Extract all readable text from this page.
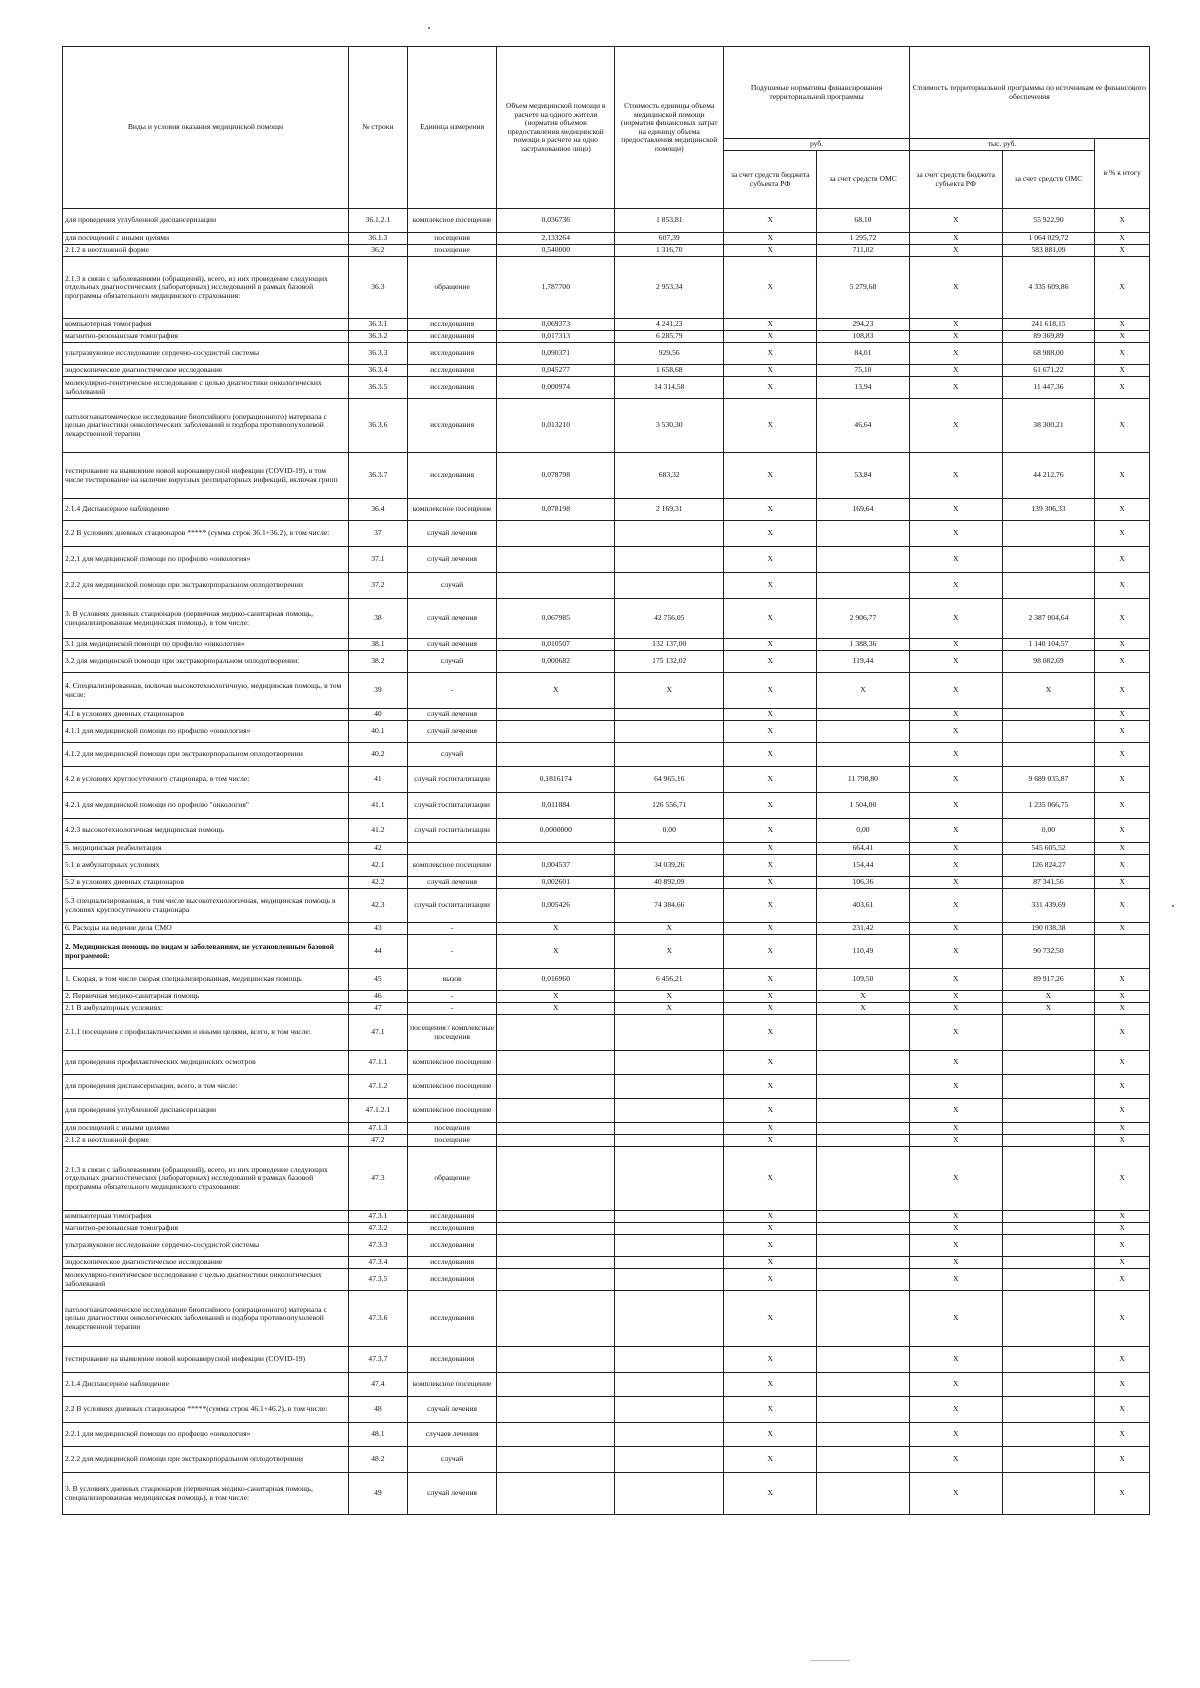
Виды и условия оказания медицинской помощи	№ строки	Единица измерения	Объем медицинской помощи в расчете на одного жителя (норматив объемов предоставления медицинской помощи в расчете на одно застрахованное лицо)	Стоимость единицы объема медицинской помощи (норматив финансовых затрат на единицу объема предоставления медицинской помощи)	Подушевые нормативы финансирования территориальной программы		Стоимость территориальной программы по источникам ее финансового обеспечения		
					руб.		тыс. руб.		в % к итогу
					за счет средств бюджета субъекта РФ	за счет средств ОМС	за счет средств бюджета субъекта РФ	за счет средств ОМС	
для проведения углубленной диспансеризации	36.1.2.1	комплексное посещение	0,036736	1 853,81	X	68,10	X	55 922,90	X
для посещений с иными целями	36.1.3	посещения	2,133264	607,39	X	1 295,72	X	1 064 029,72	X
2.1.2 в неотложной форме	36.2	посещение	0,540000	1 316,70	X	711,02	X	583 881,09	X
2.1.3 в связи с заболеваниями (обращений), всего, из них проведение следующих отдельных диагностических (лабораторных) исследований в рамках базовой программы обязательного медицинского страхования:	36.3	обращение	1,787700	2 953,34	X	5 279,68	X	4 335 609,86	X
компьютерная томография	36.3.1	исследования	0,069373	4 241,23	X	294,23	X	241 618,15	X
магнитно-резонансная томография	36.3.2	исследования	0,017313	6 285,79	X	108,83	X	89 369,89	X
ультразвуковое исследование сердечно-сосудистой системы	36.3.3	исследования	0,090371	929,56	X	84,01	X	68 988,00	X
эндоскопическое диагностическое исследование	36.3.4	исследования	0,045277	1 658,68	X	75,10	X	61 671,22	X
молекулярно-генетическое исследование с целью диагностики онкологических заболеваний	36.3.5	исследования	0,000974	14 314,58	X	13,94	X	11 447,36	X
патологоанатомическое исследование биопсийного (операционного) материала с целью диагностики онкологических заболеваний и подбора противоопухолевой лекарственной терапии	36.3.6	исследования	0,013210	3 530,30	X	46,64	X	38 300,21	X
тестирование на выявление новой коронавирусной инфекции (COVID-19), в том числе тестирование на наличие вирусных респираторных инфекций, включая грипп	36.3.7	исследования	0,078798	683,32	X	53,84	X	44 212,76	X
2.1.4 Диспансерное наблюдение	36.4	комплексное посещение	0,078198	2 169,31	X	169,64	X	139 306,33	X
2.2 В условиях дневных стационаров ***** (сумма строк 36.1+36.2), в том числе:	37	случай лечения			X		X		X
2.2.1 для медицинской помощи по профилю «онкология»	37.1	случай лечения			X		X		X
2.2.2 для медицинской помощи при экстракорпоральном оплодотворении	37.2	случай			X		X		X
3. В условиях дневных стационаров (первичная медико-санитарная помощь, специализированная медицинская помощь), в том числе:	38	случай лечения	0,067985	42 756,05	X	2 906,77	X	2 387 004,64	X
3.1 для медицинской помощи по профилю «онкология»	38.1	случай лечения	0,010507	132 137,00	X	1 388,36	X	1 140 104,57	X
3.2 для медицинской помощи при экстракорпоральном оплодотворении:	38.2	случай	0,000682	175 132,02	X	119,44	X	98 082,69	X
4. Специализированная, включая высокотехнологичную, медицинская помощь, в том числе:	39	-	X	X	X	X	X	X	X
4.1 в условиях дневных стационаров	40	случай лечения			X		X		X
4.1.1 для медицинской помощи по профилю «онкология»	40.1	случай лечения			X		X		X
4.1.2 для медицинской помощи при экстракорпоральном оплодотворении	40.2	случай			X		X		X
4.2 в условиях круглосуточного стационара, в том числе:	41	случай госпитализации	0,1816174	64 965,16	X	11 798,80	X	9 689 035,87	X
4.2.1 для медицинской помощи по профилю "онкология"	41.1	случай госпитализации	0,011884	126 556,71	X	1 504,00	X	1 235 066,75	X
4.2.3 высокотехнологичная медицинская помощь	41.2	случай госпитализации	0,0000000	0,00	X	0,00	X	0,00	X
5. медицинская реабилитация	42				X	664,41	X	545 605,52	X
5.1 в амбулаторных условиях	42.1	комплексное посещение	0,004537	34 039,26	X	154,44	X	126 824,27	X
5.2 в условиях дневных стационаров	42.2	случай лечения	0,002601	40 892,09	X	106,36	X	87 341,56	X
5.3 специализированная, в том числе высокотехнологичная, медицинская помощь в условиях круглосуточного стационара	42.3	случай госпитализации	0,005426	74 384,66	X	403,61	X	331 439,69	X
6. Расходы на ведение дела СМО	43	-	X	X	X	231,42	X	190 038,38	X
2. Медицинская помощь по видам и заболеваниям, не установленным базовой программой:	44	-	X	X	X	110,49	X	90 732,50	
1. Скорая, в том числе скорая специализированная, медицинская помощь	45	вызов	0,016960	6 456,21	X	109,50	X	89 917,26	X
2. Первичная медико-санитарная помощь	46	-	X	X	X	X	X	X	X
2.1 В амбулаторных условиях:	47	-	X	X	X	X	X	X	X
2.1.1 посещения с профилактическими и иными целями, всего, в том числе:	47.1	посещения / комплексные посещения			X		X		X
для проведения профилактических медицинских осмотров	47.1.1	комплексное посещение			X		X		X
для проведения диспансеризации, всего, в том числе:	47.1.2	комплексное посещение			X		X		X
для проведения углубленной диспансеризации	47.1.2.1	комплексное посещение			X		X		X
для посещений с иными целями	47.1.3	посещения			X		X		X
2.1.2 в неотложной форме	47.2	посещение			X		X		X
2.1.3 в связи с заболеваниями (обращений), всего, из них проведение следующих отдельных диагностических (лабораторных) исследований в рамках базовой программы обязательного медицинского страхования:	47.3	обращение			X		X		X
компьютерная томография	47.3.1	исследования			X		X		X
магнитно-резонансная томография	47.3.2	исследования			X		X		X
ультразвуковое исследование сердечно-сосудистой системы	47.3.3	исследования			X		X		X
эндоскопическое диагностическое исследование	47.3.4	исследования			X		X		X
молекулярно-генетическое исследование с целью диагностики онкологических заболеваний	47.3.5	исследования			X		X		X
патологоанатомическое исследование биопсийного (операционного) материала с целью диагностики онкологических заболеваний и подбора противоопухолевой лекарственной терапии	47.3.6	исследования			X		X		X
тестирование на выявление новой коронавирусной инфекции (COVID-19)	47.3.7	исследования			X		X		X
2.1.4 Диспансерное наблюдение	47.4	комплексное посещение			X		X		X
2.2 В условиях дневных стационаров *****(сумма строк 46.1+46.2), в том числе:	48	случай лечения			X		X		X
2.2.1 для медицинской помощи по профилю «онкология»	48.1	случаев лечения			X		X		X
2.2.2 для медицинской помощи при экстракорпоральном оплодотворении	48.2	случай			X		X		X
3. В условиях дневных стационаров (первичная медико-санитарная помощь, специализированная медицинская помощь), в том числе:	49	случай лечения			X		X		X
